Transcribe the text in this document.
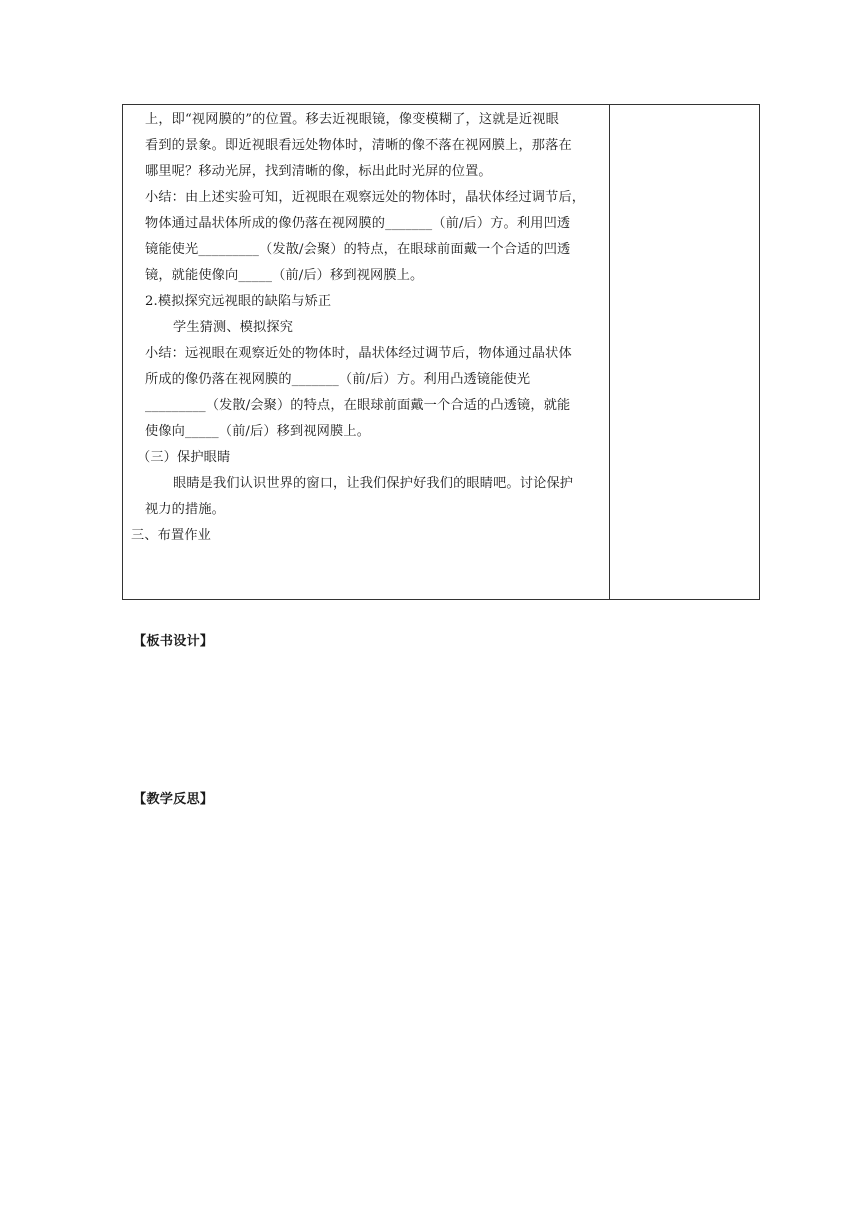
上，即“视网膜的”的位置。移去近视眼镜，像变模糊了，这就是近视眼
看到的景象。即近视眼看远处物体时，清晰的像不落在视网膜上，那落在
哪里呢？移动光屏，找到清晰的像，标出此时光屏的位置。
小结：由上述实验可知，近视眼在观察远处的物体时，晶状体经过调节后，
物体通过晶状体所成的像仍落在视网膜的_______（前/后）方。利用凹透
镜能使光_________（发散/会聚）的特点，在眼球前面戴一个合适的凹透
镜，就能使像向_____（前/后）移到视网膜上。
2.模拟探究远视眼的缺陷与矫正
学生猜测、模拟探究
小结：远视眼在观察近处的物体时，晶状体经过调节后，物体通过晶状体
所成的像仍落在视网膜的_______（前/后）方。利用凸透镜能使光
_________（发散/会聚）的特点，在眼球前面戴一个合适的凸透镜，就能
使像向_____（前/后）移到视网膜上。
（三）保护眼睛
眼睛是我们认识世界的窗口，让我们保护好我们的眼睛吧。讨论保护
视力的措施。
三、布置作业
【板书设计】
【教学反思】
